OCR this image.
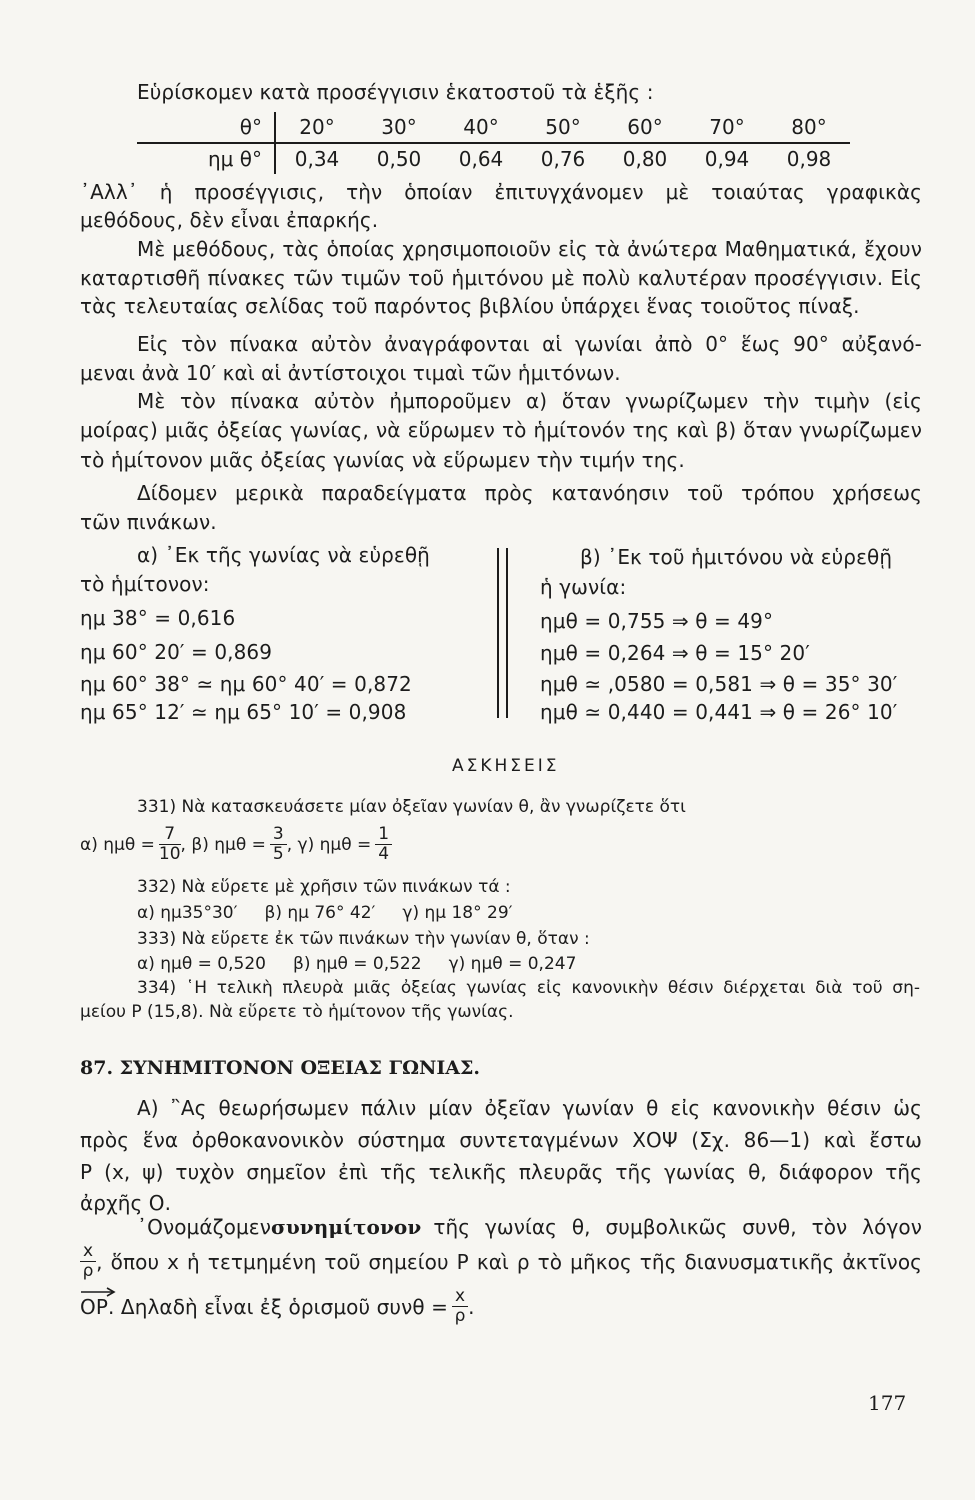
Εὑρίσκομεν κατὰ προσέγγισιν ἑκατοστοῦ τὰ ἑξῆς :
θ°	20°	30°	40°	50°	60°	70°	80°
ημ θ°	0,34	0,50	0,64	0,76	0,80	0,94	0,98
᾿Αλλ᾿ ἡ προσέγγισις, τὴν ὁποίαν ἐπιτυγχάνομεν μὲ τοιαύτας γραφικὰς
μεθόδους, δὲν εἶναι ἐπαρκής.
Μὲ μεθόδους, τὰς ὁποίας χρησιμοποιοῦν εἰς τὰ ἀνώτερα Μαθηματικά, ἔχουν
καταρτισθῆ πίνακες τῶν τιμῶν τοῦ ἡμιτόνου μὲ πολὺ καλυτέραν προσέγγισιν. Εἰς
τὰς τελευταίας σελίδας τοῦ παρόντος βιβλίου ὑπάρχει ἕνας τοιοῦτος πίναξ.
Εἰς τὸν πίνακα αὐτὸν ἀναγράφονται αἱ γωνίαι ἀπὸ 0° ἕως 90° αὐξανό-
μεναι ἀνὰ 10′ καὶ αἱ ἀντίστοιχοι τιμαὶ τῶν ἡμιτόνων.
Μὲ τὸν πίνακα αὐτὸν ἠμποροῦμεν α) ὅταν γνωρίζωμεν τὴν τιμὴν (εἰς
μοίρας) μιᾶς ὀξείας γωνίας, νὰ εὕρωμεν τὸ ἡμίτονόν της καὶ β) ὅταν γνωρίζωμεν
τὸ ἡμίτονον μιᾶς ὀξείας γωνίας νὰ εὕρωμεν τὴν τιμήν της.
Δίδομεν μερικὰ παραδείγματα πρὸς κατανόησιν τοῦ τρόπου χρήσεως
τῶν πινάκων.
α) ᾿Εκ τῆς γωνίας νὰ εὑρεθῇ
τὸ ἡμίτονον:
ημ 38° = 0,616
ημ 60° 20′ = 0,869
ημ 60° 38° ≃ ημ 60° 40′ = 0,872
ημ 65° 12′ ≃ ημ 65° 10′ = 0,908
β) ᾿Εκ τοῦ ἡμιτόνου νὰ εὑρεθῇ
ἡ γωνία:
ημθ = 0,755 ⇒ θ = 49°
ημθ = 0,264 ⇒ θ = 15° 20′
ημθ ≃ ,0580 = 0,581 ⇒ θ = 35° 30′
ημθ ≃ 0,440 = 0,441 ⇒ θ = 26° 10′
ΑΣΚΗΣΕΙΣ
331) Νὰ κατασκευάσετε μίαν ὀξεῖαν γωνίαν θ, ἂν γνωρίζετε ὅτι
α) $\eta\mu\theta = \frac{7}{10}$ , β) $\eta\mu\theta = \frac{3}{5}$ , γ) $\eta\mu\theta = \frac{1}{4}$
332) Νὰ εὕρετε μὲ χρῆσιν τῶν πινάκων τά :
α) ημ35°30′     β) ημ 76° 42′     γ) ημ 18° 29′
333) Νὰ εὕρετε ἐκ τῶν πινάκων τὴν γωνίαν θ, ὅταν :
α) ημθ = 0,520     β) ημθ = 0,522     γ) ημθ = 0,247
334) ῾Η τελικὴ πλευρὰ μιᾶς ὀξείας γωνίας εἰς κανονικὴν θέσιν διέρχεται διὰ τοῦ ση-
μείου P (15,8). Νὰ εὕρετε τὸ ἡμίτονον τῆς γωνίας.
87. ΣΥΝΗΜΙΤΟΝΟΝ ΟΞΕΙΑΣ ΓΩΝΙΑΣ.
Α) ῍Ας θεωρήσωμεν πάλιν μίαν ὀξεῖαν γωνίαν θ εἰς κανονικὴν θέσιν ὡς
πρὸς ἕνα ὀρθοκανονικὸν σύστημα συντεταγμένων ΧΟΨ (Σχ. 86—1) καὶ ἔστω
P (x, ψ) τυχὸν σημεῖον ἐπὶ τῆς τελικῆς πλευρᾶς τῆς γωνίας θ, διάφορον τῆς
ἀρχῆς Ο.
᾿Ονομάζομεν συνημίτονον τῆς γωνίας θ, συμβολικῶς συνθ, τὸν λόγον
$\frac{x}{\rho}$ , ὅπου x ἡ τετμημένη τοῦ σημείου P καὶ ρ τὸ μῆκος τῆς διανυσματικῆς ἀκτῖνος
OP . Δηλαδὴ εἶναι ἐξ ὁρισμοῦ $\sigma\upsilon\nu\theta = \frac{x}{\rho}$ .
177
